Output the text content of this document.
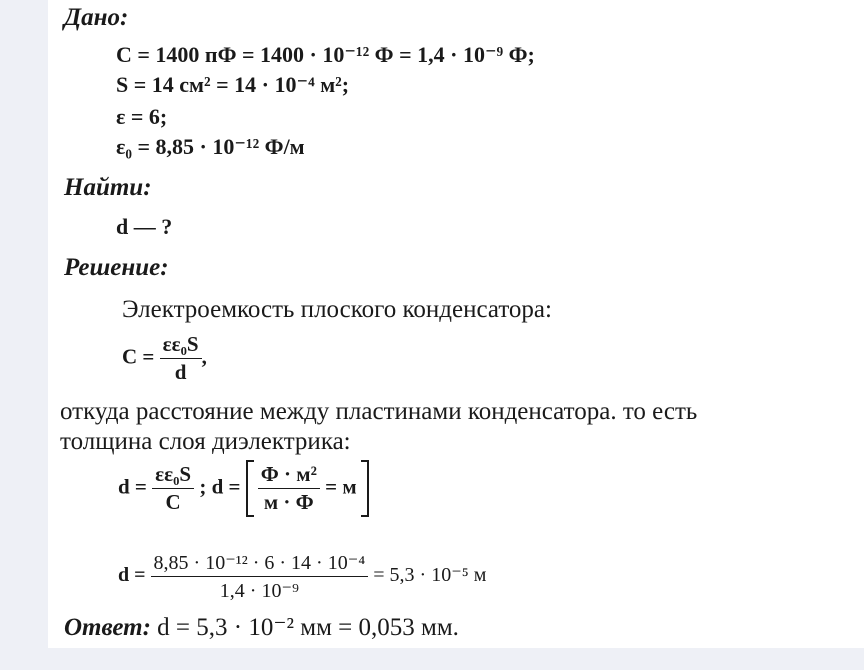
Дано:
C = 1400 пФ = 1400 · 10⁻¹² Ф = 1,4 · 10⁻⁹ Ф;
S = 14 см² = 14 · 10⁻⁴ м²;
ε = 6;
ε₀ = 8,85 · 10⁻¹² Ф/м
Найти:
d — ?
Решение:
Электроемкость плоского конденсатора:
$C = \frac{\text{εε₀S}}{d}$ ,
откуда расстояние между пластинами конденсатора. то есть
толщина слоя диэлектрика:
$d = \frac{\text{εε₀S}}{C}$ ; $d = \frac{\text{Ф · м²}}{м \cdot Ф} = м$
$d = \frac{\text{8,85 · 10⁻¹² · 6 · 14 · 10⁻⁴}}{\text{1,4 · 10⁻⁹}} = 5,3 \cdot 10^{-5}$ м
Ответ: d = 5,3 · 10⁻² мм = 0,053 мм.
